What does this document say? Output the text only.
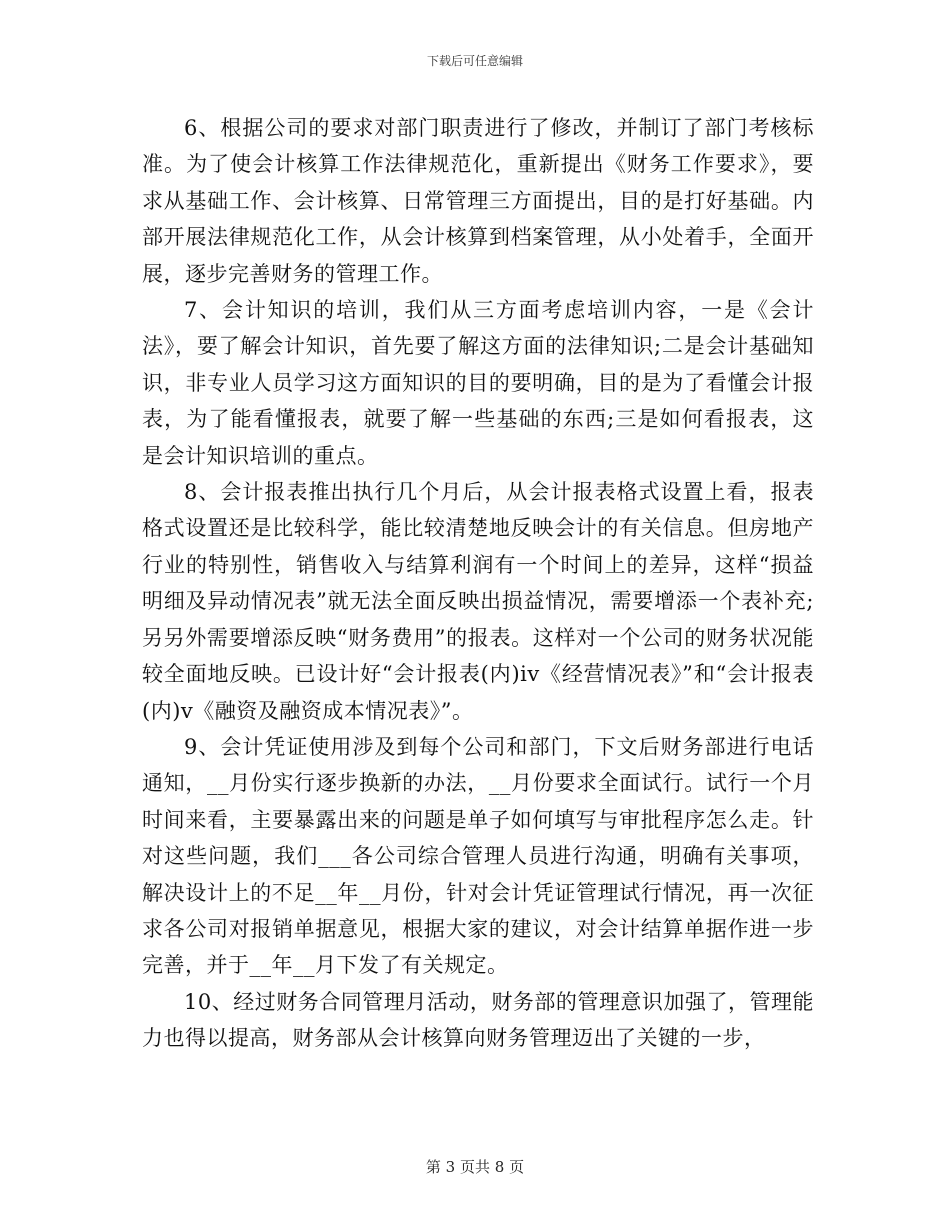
下载后可任意编辑

6、根据公司的要求对部门职责进行了修改，并制订了部门考核标准。为了使会计核算工作法律规范化，重新提出《财务工作要求》，要求从基础工作、会计核算、日常管理三方面提出，目的是打好基础。内部开展法律规范化工作，从会计核算到档案管理，从小处着手，全面开展，逐步完善财务的管理工作。

7、会计知识的培训，我们从三方面考虑培训内容，一是《会计法》，要了解会计知识，首先要了解这方面的法律知识;二是会计基础知识，非专业人员学习这方面知识的目的要明确，目的是为了看懂会计报表，为了能看懂报表，就要了解一些基础的东西;三是如何看报表，这是会计知识培训的重点。

8、会计报表推出执行几个月后，从会计报表格式设置上看，报表格式设置还是比较科学，能比较清楚地反映会计的有关信息。但房地产行业的特别性，销售收入与结算利润有一个时间上的差异，这样“损益明细及异动情况表”就无法全面反映出损益情况，需要增添一个表补充;另另外需要增添反映“财务费用”的报表。这样对一个公司的财务状况能较全面地反映。已设计好“会计报表(内)iv《经营情况表》”和“会计报表(内)v《融资及融资成本情况表》”。

9、会计凭证使用涉及到每个公司和部门，下文后财务部进行电话通知，__月份实行逐步换新的办法，__月份要求全面试行。试行一个月时间来看，主要暴露出来的问题是单子如何填写与审批程序怎么走。针对这些问题，我们___各公司综合管理人员进行沟通，明确有关事项，解决设计上的不足__年__月份，针对会计凭证管理试行情况，再一次征求各公司对报销单据意见，根据大家的建议，对会计结算单据作进一步完善，并于__年__月下发了有关规定。

10、经过财务合同管理月活动，财务部的管理意识加强了，管理能力也得以提高，财务部从会计核算向财务管理迈出了关键的一步，

第 3 页共 8 页
